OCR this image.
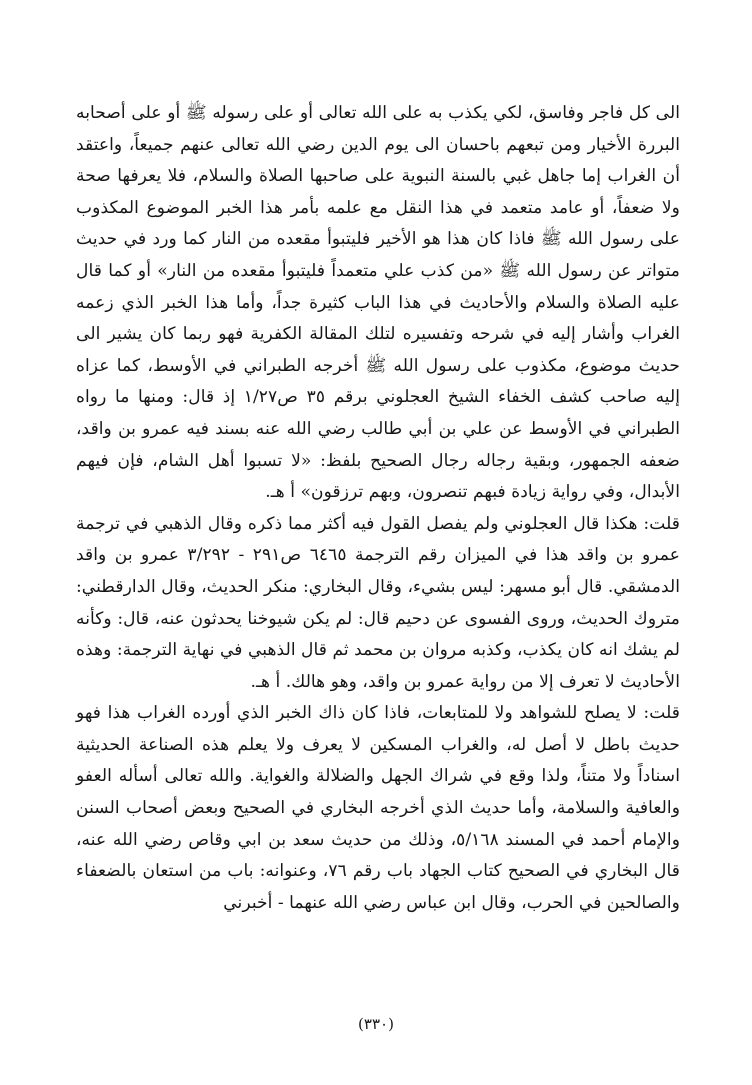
الى كل فاجر وفاسق، لكي يكذب به على الله تعالى أو على رسوله ﷺ أو على أصحابه البررة الأخيار ومن تبعهم باحسان الى يوم الدين رضي الله تعالى عنهم جميعاً، واعتقد أن الغراب إما جاهل غبي بالسنة النبوية على صاحبها الصلاة والسلام، فلا يعرفها صحة ولا ضعفاً، أو عامد متعمد في هذا النقل مع علمه بأمر هذا الخبر الموضوع المكذوب على رسول الله ﷺ فاذا كان هذا هو الأخير فليتبوأ مقعده من النار كما ورد في حديث متواتر عن رسول الله ﷺ «من كذب علي متعمداً فليتبوأ مقعده من النار» أو كما قال عليه الصلاة والسلام والأحاديث في هذا الباب كثيرة جداً، وأما هذا الخبر الذي زعمه الغراب وأشار إليه في شرحه وتفسيره لتلك المقالة الكفرية فهو ربما كان يشير الى حديث موضوع، مكذوب على رسول الله ﷺ أخرجه الطبراني في الأوسط، كما عزاه إليه صاحب كشف الخفاء الشيخ العجلوني برقم ٣٥ ص١/٢٧ إذ قال: ومنها ما رواه الطبراني في الأوسط عن علي بن أبي طالب رضي الله عنه بسند فيه عمرو بن واقد، ضعفه الجمهور، وبقية رجاله رجال الصحيح بلفظ: «لا تسبوا أهل الشام، فإن فيهم الأبدال، وفي رواية زيادة فبهم تنصرون، وبهم ترزقون» أ هـ.

قلت: هكذا قال العجلوني ولم يفصل القول فيه أكثر مما ذكره وقال الذهبي في ترجمة عمرو بن واقد هذا في الميزان رقم الترجمة ٦٤٦٥ ص٢٩١ - ٣/٢٩٢ عمرو بن واقد الدمشقي. قال أبو مسهر: ليس بشيء، وقال البخاري: منكر الحديث، وقال الدارقطني: متروك الحديث، وروى الفسوى عن دحيم قال: لم يكن شيوخنا يحدثون عنه، قال: وكأنه لم يشك انه كان يكذب، وكذبه مروان بن محمد ثم قال الذهبي في نهاية الترجمة: وهذه الأحاديث لا تعرف إلا من رواية عمرو بن واقد، وهو هالك. أ هـ.

قلت: لا يصلح للشواهد ولا للمتابعات، فاذا كان ذاك الخبر الذي أورده الغراب هذا فهو حديث باطل لا أصل له، والغراب المسكين لا يعرف ولا يعلم هذه الصناعة الحديثية اسناداً ولا متناً، ولذا وقع في شراك الجهل والضلالة والغواية. والله تعالى أسأله العفو والعافية والسلامة، وأما حديث الذي أخرجه البخاري في الصحيح وبعض أصحاب السنن والإمام أحمد في المسند ٥/١٦٨، وذلك من حديث سعد بن ابي وقاص رضي الله عنه، قال البخاري في الصحيح كتاب الجهاد باب رقم ٧٦، وعنوانه: باب من استعان بالضعفاء والصالحين في الحرب، وقال ابن عباس رضي الله عنهما - أخبرني

(٣٣٠)
